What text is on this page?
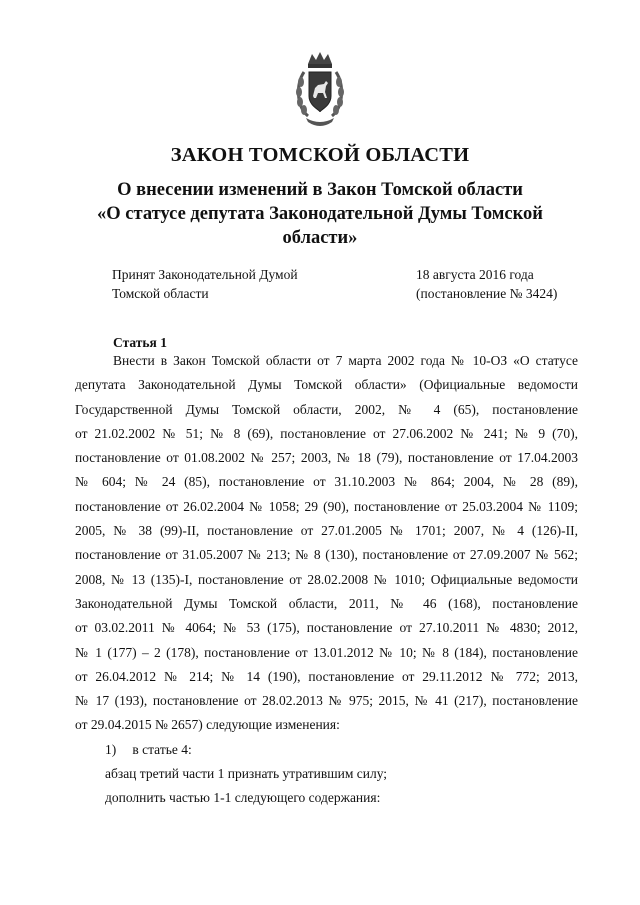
ЗАКОН ТОМСКОЙ ОБЛАСТИ
О внесении изменений в Закон Томской области
«О статусе депутата Законодательной Думы Томской
области»
Принят Законодательной Думой
Томской области
18 августа 2016 года
(постановление № 3424)
Статья 1
Внести в Закон Томской области от 7 марта 2002 года № 10-ОЗ «О статусе
депутата Законодательной Думы Томской области» (Официальные ведомости
Государственной Думы Томской области, 2002, № 4 (65), постановление
от 21.02.2002 № 51; № 8 (69), постановление от 27.06.2002 № 241; № 9 (70),
постановление от 01.08.2002 № 257; 2003, № 18 (79), постановление от 17.04.2003
№ 604; № 24 (85), постановление от 31.10.2003 № 864; 2004, № 28 (89),
постановление от 26.02.2004 № 1058; 29 (90), постановление от 25.03.2004 № 1109;
2005, № 38 (99)-II, постановление от 27.01.2005 № 1701; 2007, № 4 (126)-II,
постановление от 31.05.2007 № 213; № 8 (130), постановление от 27.09.2007 № 562;
2008, № 13 (135)-I, постановление от 28.02.2008 № 1010; Официальные ведомости
Законодательной Думы Томской области, 2011, № 46 (168), постановление
от 03.02.2011 № 4064; № 53 (175), постановление от 27.10.2011 № 4830; 2012,
№ 1 (177) – 2 (178), постановление от 13.01.2012 № 10; № 8 (184), постановление
от 26.04.2012 № 214; № 14 (190), постановление от 29.11.2012 № 772; 2013,
№ 17 (193), постановление от 28.02.2013 № 975; 2015, № 41 (217), постановление
от 29.04.2015 № 2657) следующие изменения:
1) в статье 4:
абзац третий части 1 признать утратившим силу;
дополнить частью 1-1 следующего содержания:
